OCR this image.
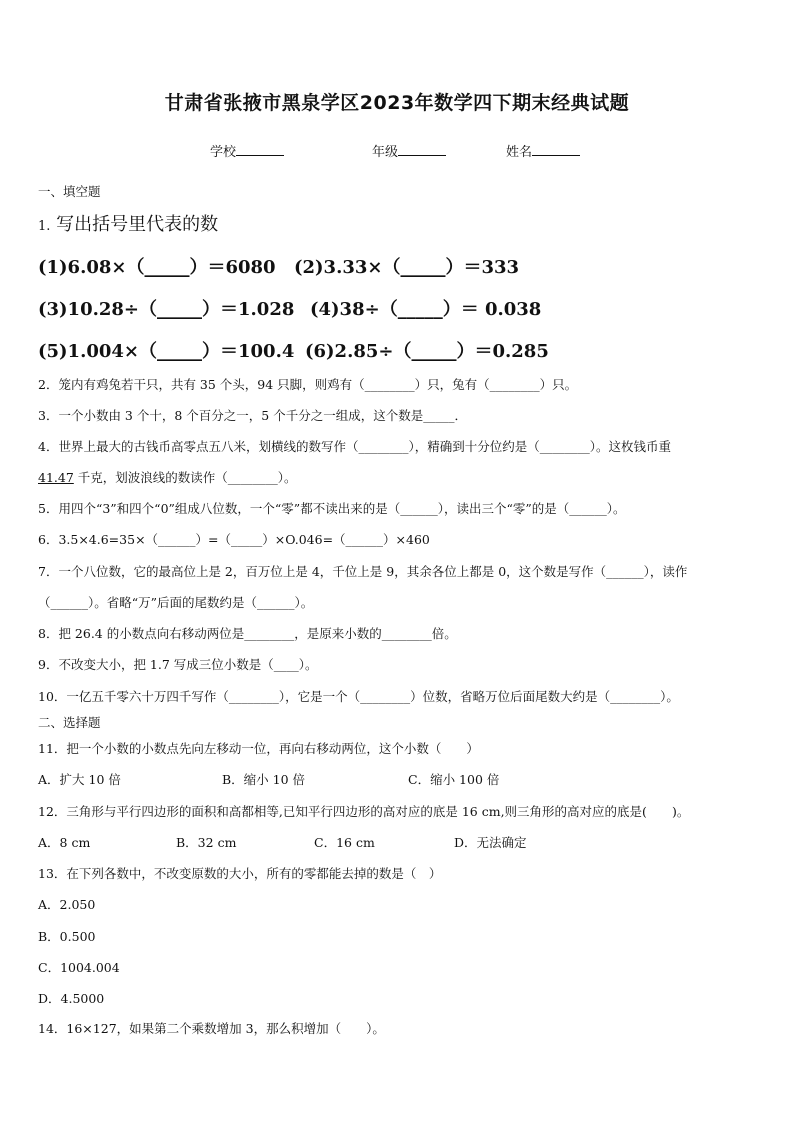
甘肃省张掖市黑泉学区2023年数学四下期末经典试题
学校	年级	姓名
一、填空题
1. 写出括号里代表的数
(1)6.08×（_____）＝6080 (2)3.33×（_____）＝333
(3)10.28÷（_____）＝1.028 (4)38÷（_____）＝ 0.038
(5)1.004×（_____）＝100.4 (6)2.85÷（_____）＝0.285
2．笼内有鸡兔若干只，共有 35 个头，94 只脚，则鸡有（________）只，兔有（________）只。
3．一个小数由 3 个十，8 个百分之一，5 个千分之一组成，这个数是_____．
4．世界上最大的古钱币高零点五八米，划横线的数写作（________），精确到十分位约是（________）。这枚钱币重
41.47 千克，划波浪线的数读作（________）。
5．用四个“3”和四个“0”组成八位数，一个“零”都不读出来的是（______），读出三个“零”的是（______）。
6．3.5×4.6=35×（______）=（_____）×O.046=（______）×460
7．一个八位数，它的最高位上是 2，百万位上是 4，千位上是 9，其余各位上都是 0，这个数是写作（______），读作
（______）。省略“万”后面的尾数约是（______）。
8．把 26.4 的小数点向右移动两位是________，是原来小数的________倍。
9．不改变大小，把 1.7 写成三位小数是（____）。
10．一亿五千零六十万四千写作（________），它是一个（________）位数，省略万位后面尾数大约是（________）。
二、选择题
11．把一个小数的小数点先向左移动一位，再向右移动两位，这个小数（　　）
A．扩大 10 倍	B．缩小 10 倍	C．缩小 100 倍
12．三角形与平行四边形的面积和高都相等,已知平行四边形的高对应的底是 16 cm,则三角形的高对应的底是(　　)。
A．8 cm	B．32 cm	C．16 cm	D．无法确定
13．在下列各数中，不改变原数的大小，所有的零都能去掉的数是（　）
A．2.050
B．0.500
C．1004.004
D．4.5000
14．16×127，如果第二个乘数增加 3，那么积增加（　　）。
